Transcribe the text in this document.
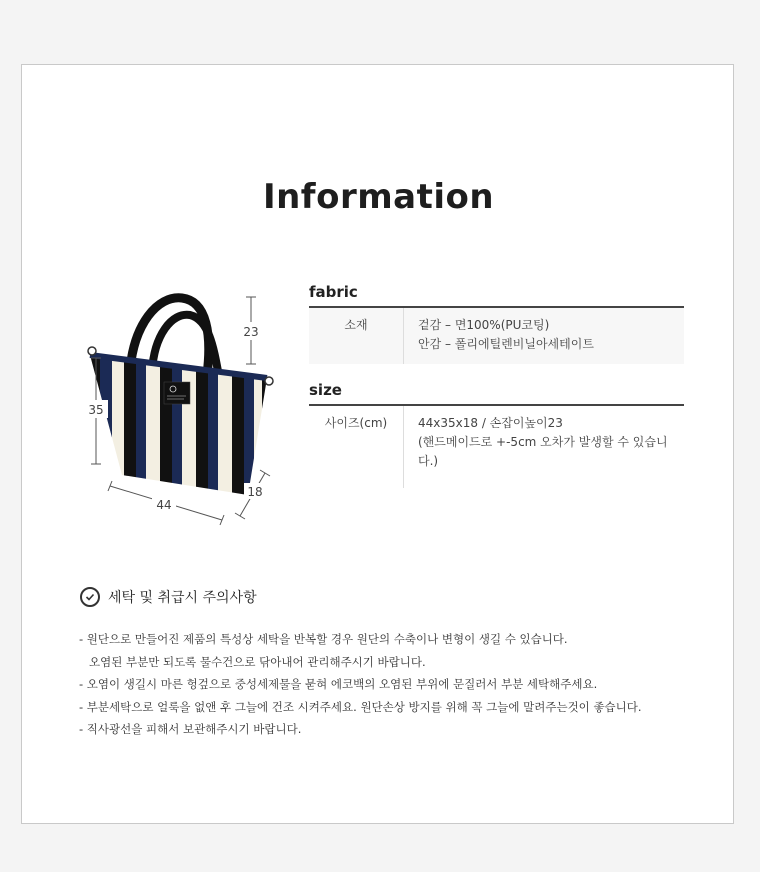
Information
23
35
44
18
fabric
소재	겉감 – 면100%(PU코팅)
안감 – 폴리에틸렌비닐아세테이트
size
사이즈(cm)	44x35x18 / 손잡이높이23
(핸드메이드로 +-5cm 오차가 발생할 수 있습니다.)
세탁 및 취급시 주의사항
- 원단으로 만들어진 제품의 특성상 세탁을 반복할 경우 원단의 수축이나 변형이 생길 수 있습니다.
오염된 부분만 되도록 물수건으로 닦아내어 관리해주시기 바랍니다.
- 오염이 생길시 마른 헝겊으로 중성세제물을 묻혀 에코백의 오염된 부위에 문질러서 부분 세탁해주세요.
- 부분세탁으로 얼룩을 없앤 후 그늘에 건조 시켜주세요. 원단손상 방지를 위해 꼭 그늘에 말려주는것이 좋습니다.
- 직사광선을 피해서 보관해주시기 바랍니다.
